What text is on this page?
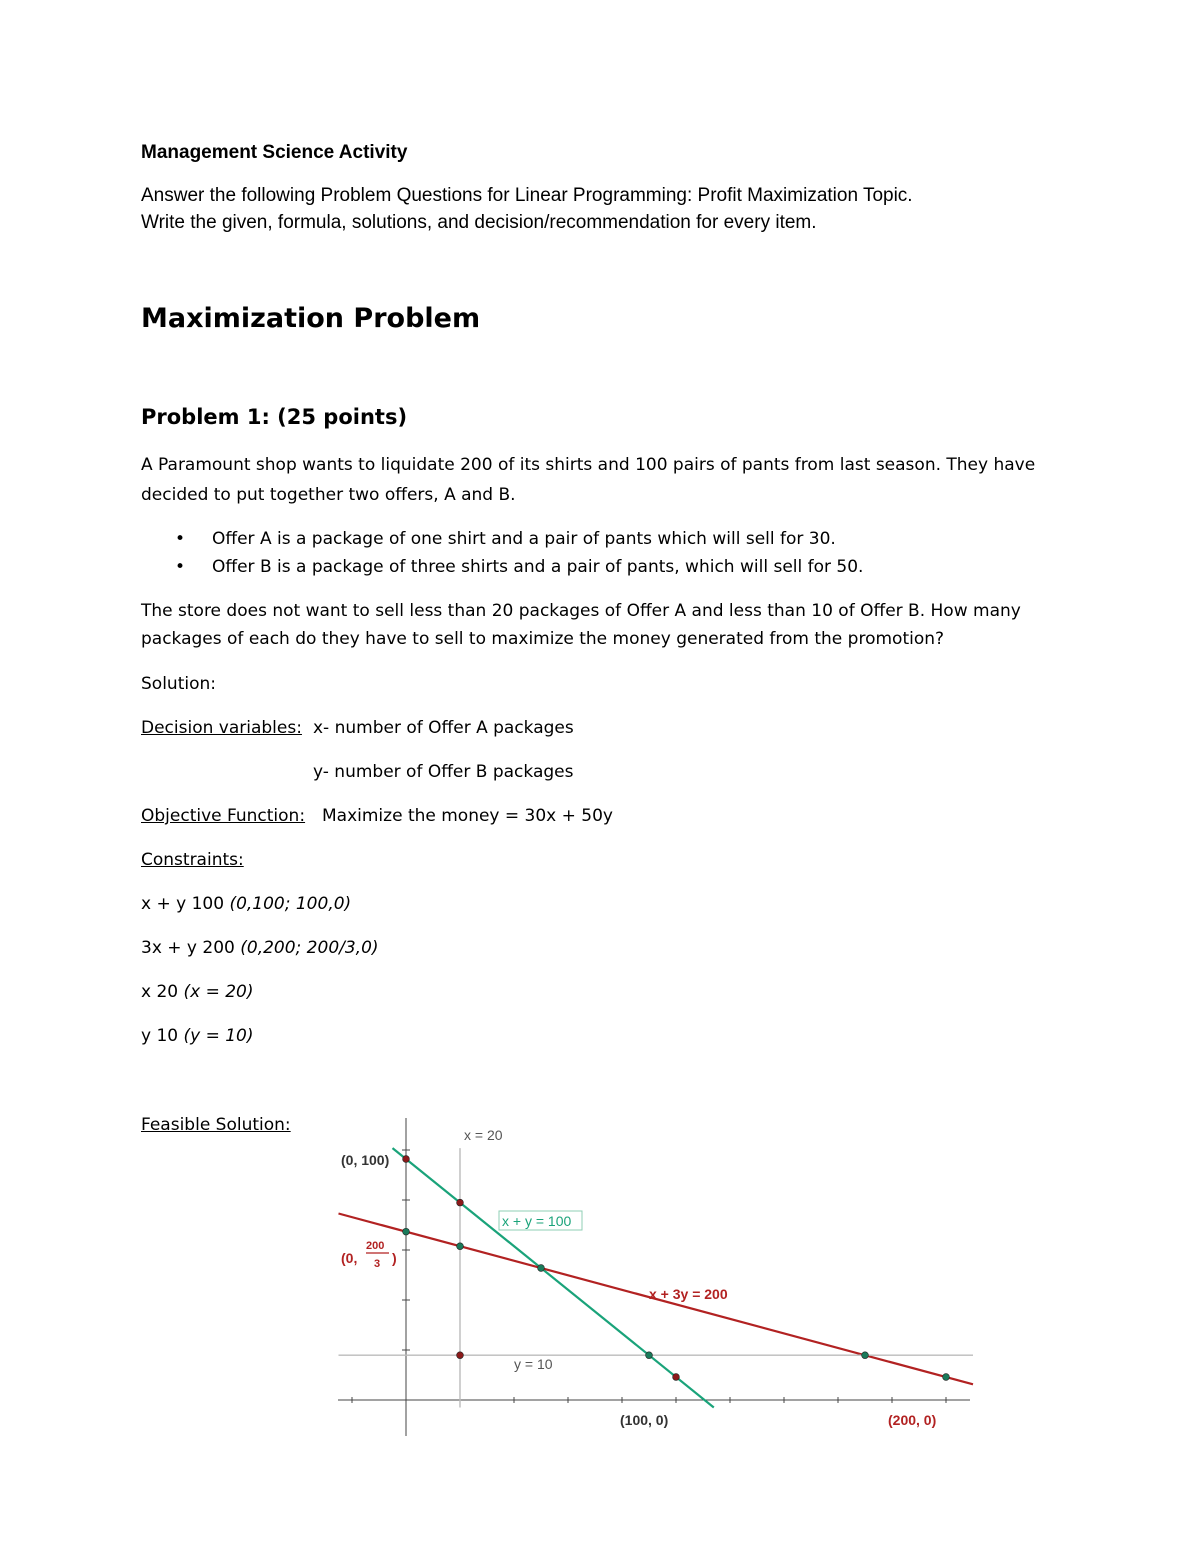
Management Science Activity
Answer the following Problem Questions for Linear Programming: Profit Maximization Topic.
Write the given, formula, solutions, and decision/recommendation for every item.
Maximization Problem
Problem 1: (25 points)
A Paramount shop wants to liquidate 200 of its shirts and 100 pairs of pants from last season. They have
decided to put together two offers, A and B.
• Offer A is a package of one shirt and a pair of pants which will sell for 30.
• Offer B is a package of three shirts and a pair of pants, which will sell for 50.
The store does not want to sell less than 20 packages of Offer A and less than 10 of Offer B. How many
packages of each do they have to sell to maximize the money generated from the promotion?
Solution:
Decision variables: x- number of Offer A packages
y- number of Offer B packages
Objective Function: Maximize the money = 30x + 50y
Constraints:
x + y 100 (0,100; 100,0)
3x + y 200 (0,200; 200/3,0)
x 20 (x = 20)
y 10 (y = 10)
Feasible Solution:	x = 20
(0, 100)
x + y = 100
(0,
200
3 )
x + 3y = 200
y = 10
(100, 0)	(200, 0)
